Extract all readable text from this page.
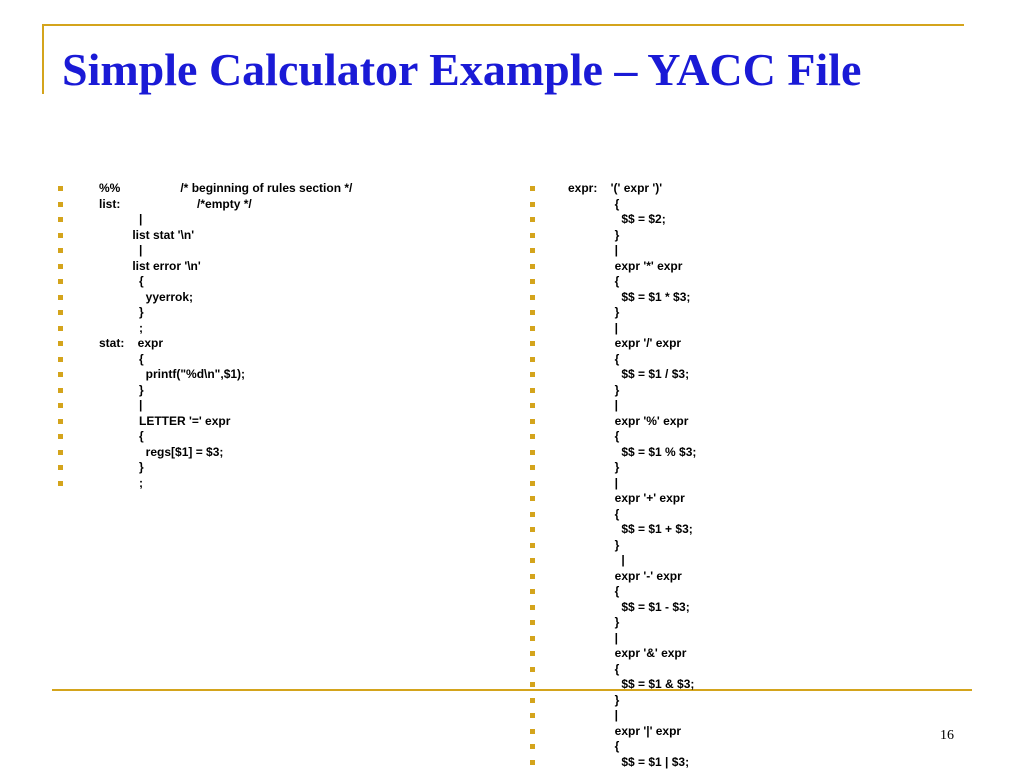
Simple Calculator Example – YACC File
%%                  /* beginning of rules section */
list:                       /*empty */
|
list stat '\n'
|
list error '\n'
{
yyerrok;
}
;
stat:    expr
{
printf("%d\n",$1);
}
|
LETTER '=' expr
{
regs[$1] = $3;
}
;
expr:    '(' expr ')'
{
$$ = $2;
}
|
expr '*' expr
{
$$ = $1 * $3;
}
|
expr '/' expr
{
$$ = $1 / $3;
}
|
expr '%' expr
{
$$ = $1 % $3;
}
|
expr '+' expr
{
$$ = $1 + $3;
}
|
expr '-' expr
{
$$ = $1 - $3;
}
|
expr '&' expr
{
$$ = $1 & $3;
}
|
expr '|' expr
{
$$ = $1 | $3;
16
